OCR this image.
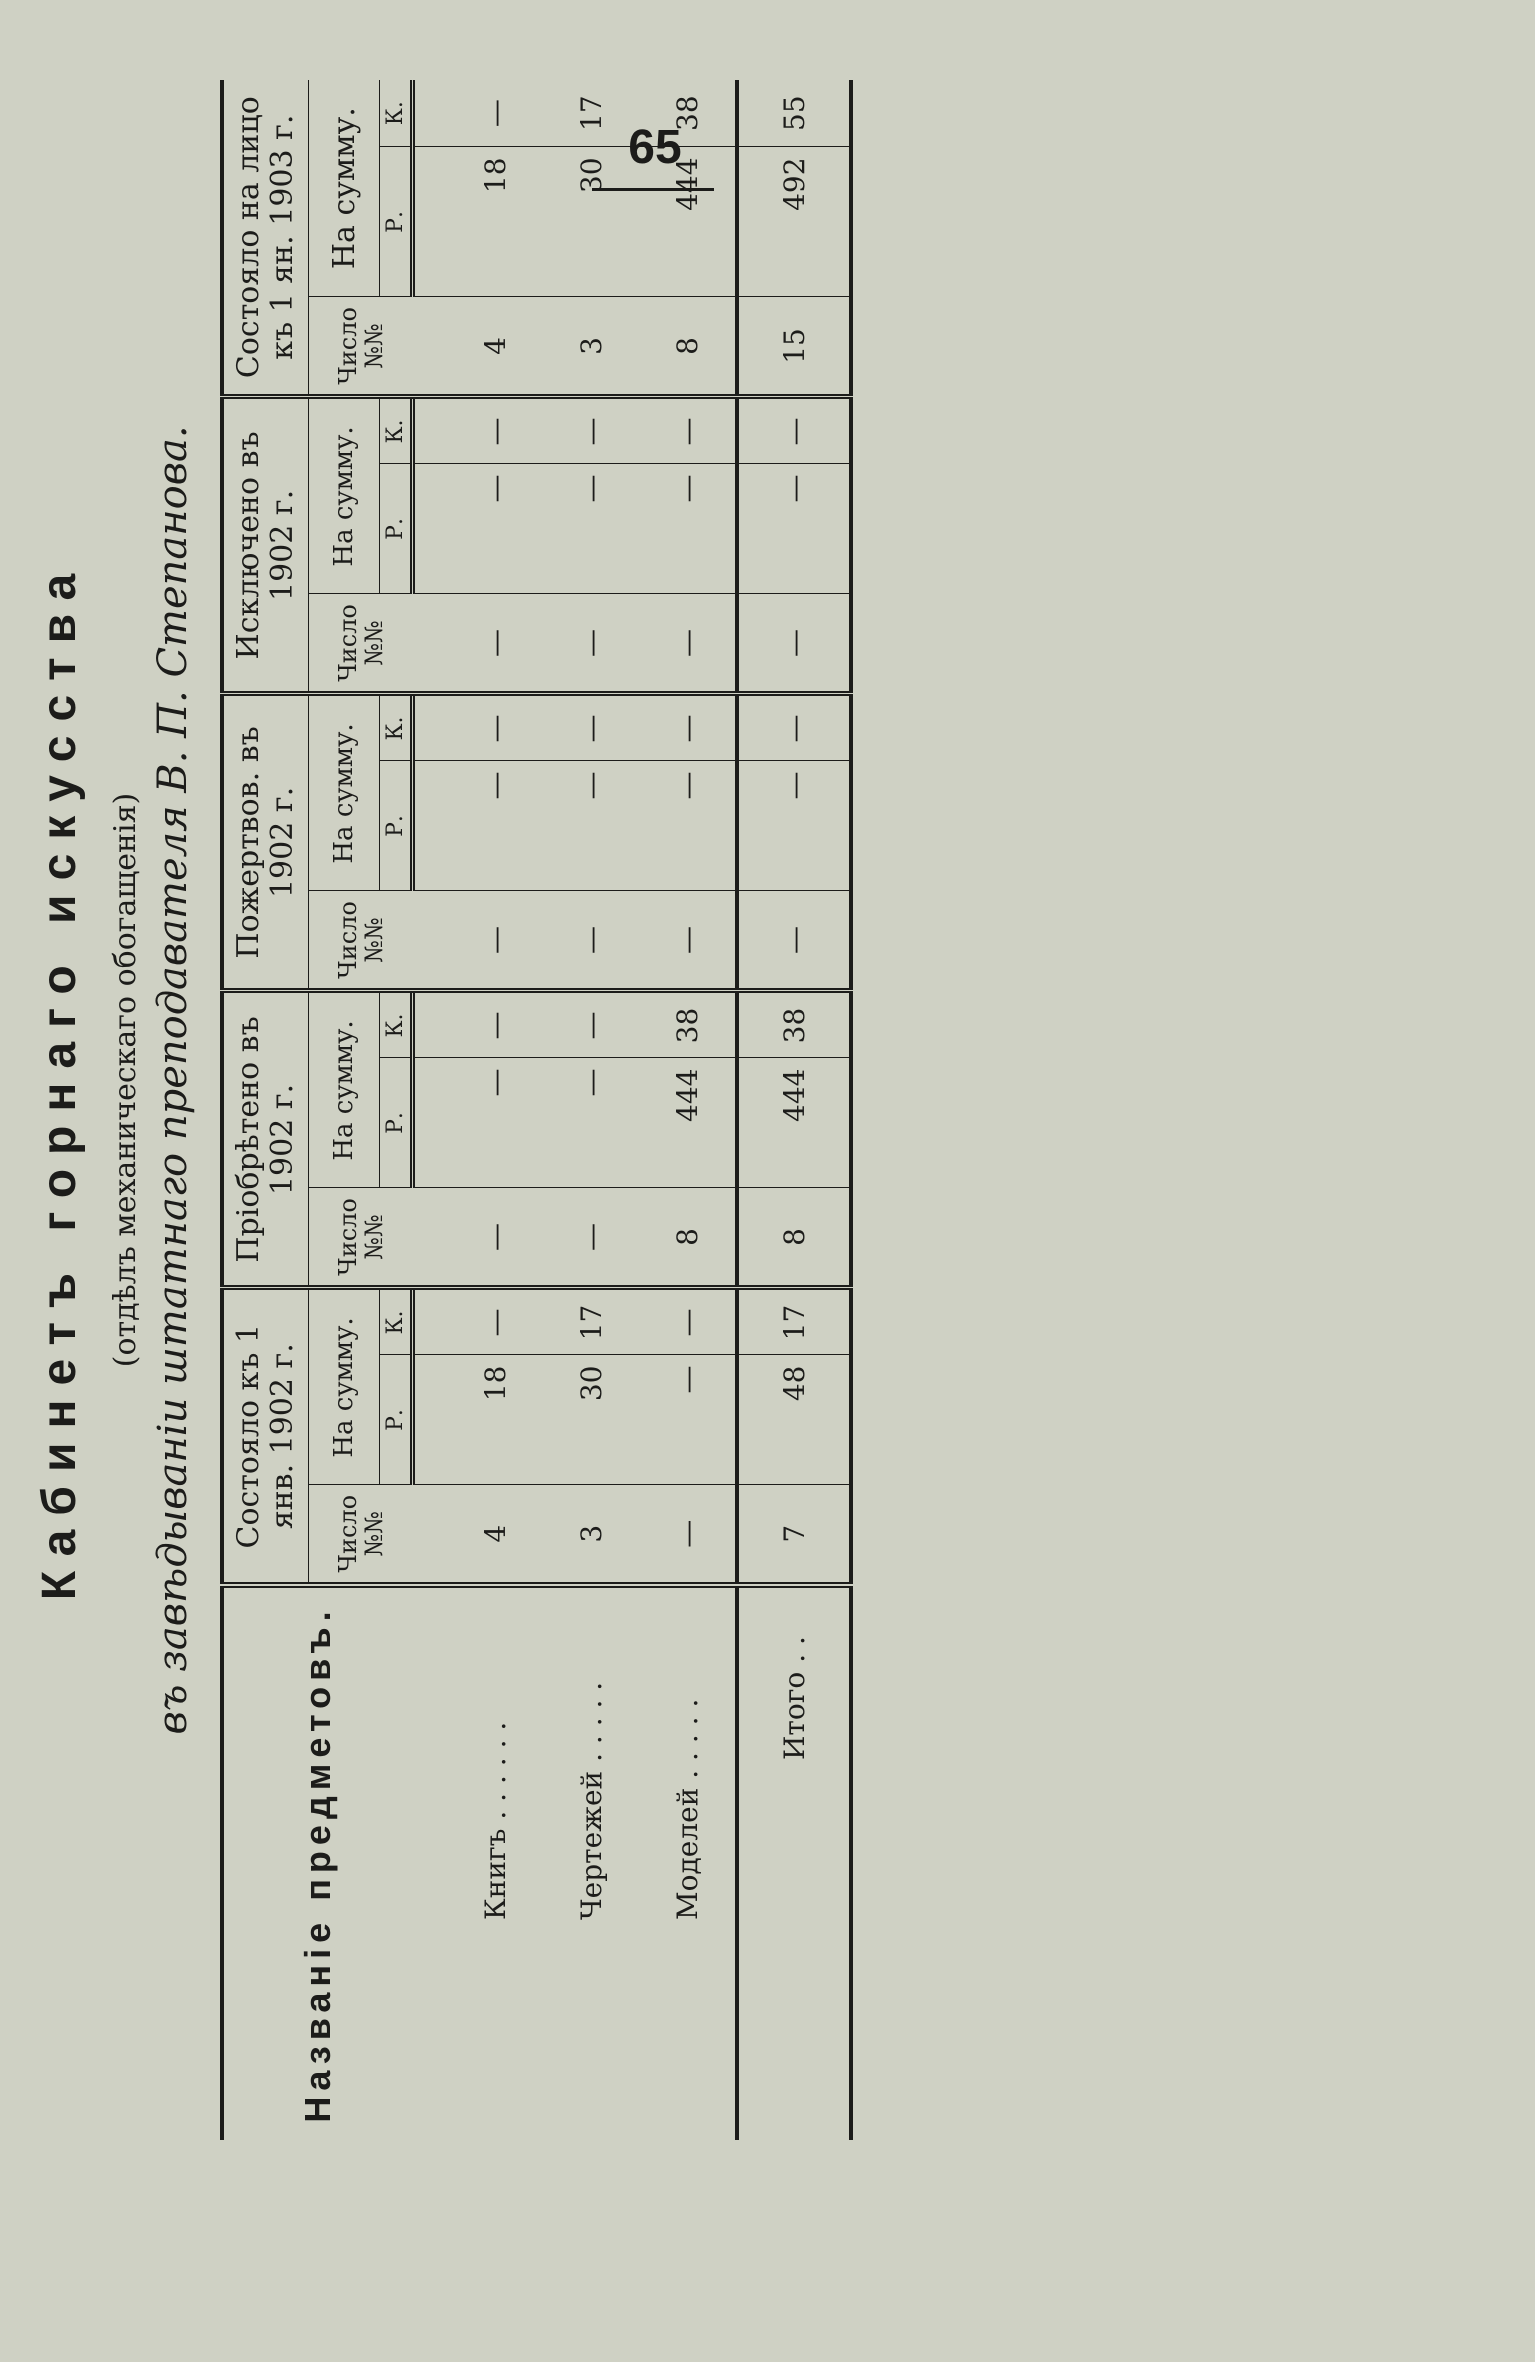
65
Кабинетъ горнаго искусства (отдѣлъ механическаго обогащенія) въ завѣдываніи штатнаго преподавателя В. П. Степанова.
Названіе предметовъ.	Состояло къ 1 янв. 1902 г.			Пріобрѣтено въ 1902 г.			Пожертвов. въ 1902 г.			Исключено въ 1902 г.			Состояло на лицо къ 1 ян. 1903 г.		
	Число №№	На сумму.		Число №№	На сумму.		Число №№	На сумму.		Число №№	На сумму.		Число №№	На сумму.	
		Р.	К.		Р.	К.		Р.	К.		Р.	К.		Р.	К.

Книгъ . . . . . .	4	18	—	—	—	—	—	—	—	—	—	—	4	18	—
Чертежей . . . . .	3	30	17	—	—	—	—	—	—	—	—	—	3	30	17
Моделей . . . . .	—	—	—	8	444	38	—	—	—	—	—	—	8	444	38
Итого . .	7	48	17	8	444	38	—	—	—	—	—	—	15	492	55
